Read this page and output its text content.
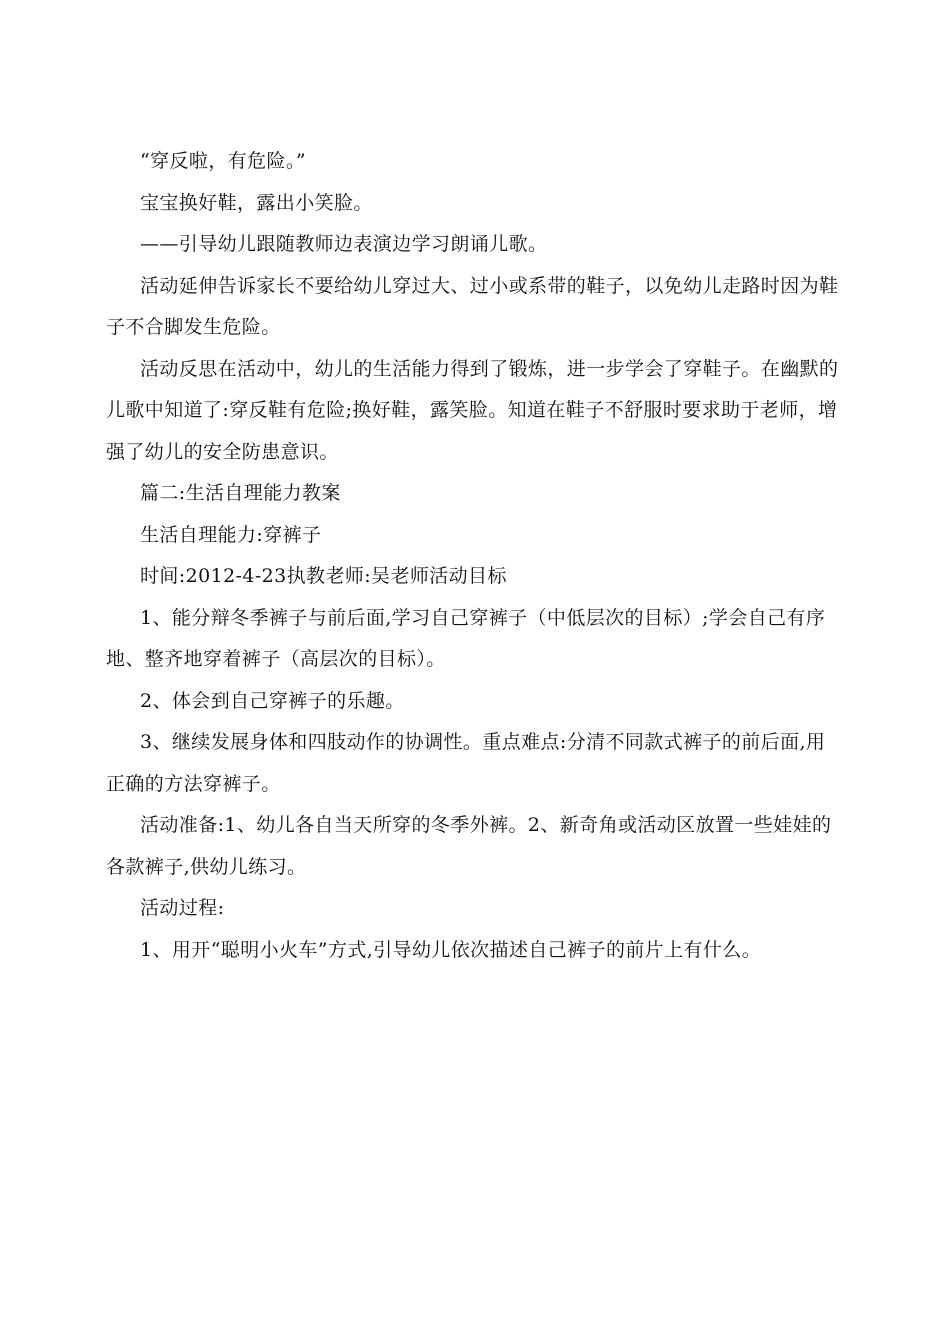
“穿反啦，有危险。”

宝宝换好鞋，露出小笑脸。

——引导幼儿跟随教师边表演边学习朗诵儿歌。

活动延伸告诉家长不要给幼儿穿过大、过小或系带的鞋子，以免幼儿走路时因为鞋子不合脚发生危险。

活动反思在活动中，幼儿的生活能力得到了锻炼，进一步学会了穿鞋子。在幽默的儿歌中知道了:穿反鞋有危险;换好鞋，露笑脸。知道在鞋子不舒服时要求助于老师，增强了幼儿的安全防患意识。

篇二:生活自理能力教案

生活自理能力:穿裤子

时间:2012-4-23执教老师:吴老师活动目标

1、能分辩冬季裤子与前后面,学习自己穿裤子（中低层次的目标）;学会自己有序地、整齐地穿着裤子（高层次的目标）。

2、体会到自己穿裤子的乐趣。

3、继续发展身体和四肢动作的协调性。重点难点:分清不同款式裤子的前后面,用正确的方法穿裤子。

活动准备:1、幼儿各自当天所穿的冬季外裤。2、新奇角或活动区放置一些娃娃的各款裤子,供幼儿练习。

活动过程:

1、用开“聪明小火车”方式,引导幼儿依次描述自己裤子的前片上有什么。
